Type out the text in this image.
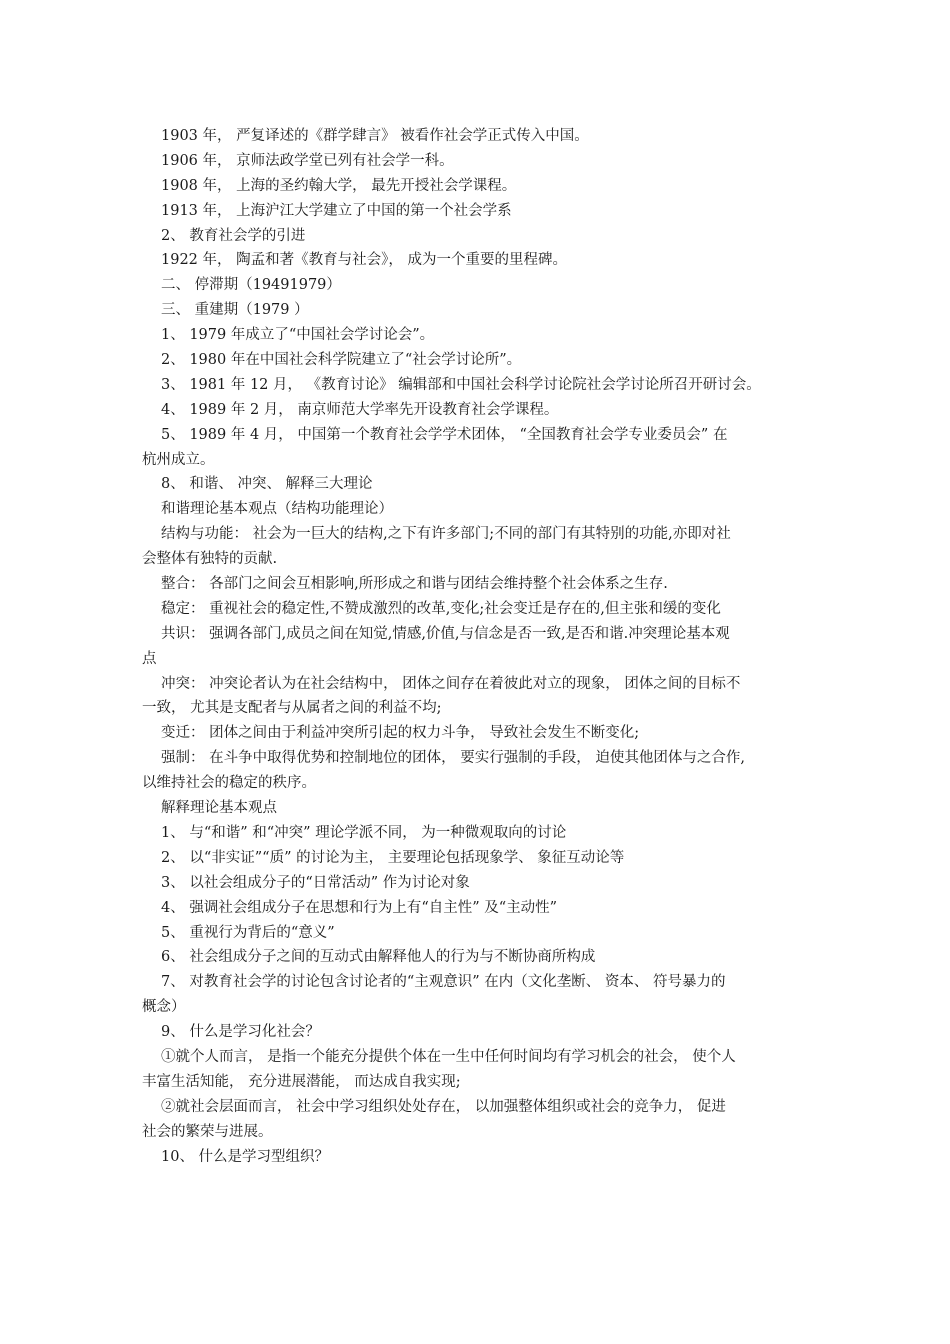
1903 年， 严复译述的《群学肆言》 被看作社会学正式传入中国。
1906 年， 京师法政学堂已列有社会学一科。
1908 年， 上海的圣约翰大学， 最先开授社会学课程。
1913 年， 上海沪江大学建立了中国的第一个社会学系
2、 教育社会学的引进
1922 年， 陶孟和著《教育与社会》， 成为一个重要的里程碑。
二、 停滞期（19491979）
三、 重建期（1979 ）
1、 1979 年成立了“中国社会学讨论会”。
2、 1980 年在中国社会科学院建立了“社会学讨论所”。
3、 1981 年 12 月， 《教育讨论》 编辑部和中国社会科学讨论院社会学讨论所召开研讨会。
4、 1989 年 2 月， 南京师范大学率先开设教育社会学课程。
5、 1989 年 4 月， 中国第一个教育社会学学术团体， “全国教育社会学专业委员会” 在
杭州成立。
8、 和谐、 冲突、 解释三大理论
和谐理论基本观点（结构功能理论）
结构与功能： 社会为一巨大的结构,之下有许多部门;不同的部门有其特别的功能,亦即对社
会整体有独特的贡献.
整合： 各部门之间会互相影响,所形成之和谐与团结会维持整个社会体系之生存.
稳定： 重视社会的稳定性,不赞成激烈的改革,变化;社会变迁是存在的,但主张和缓的变化
共识： 强调各部门,成员之间在知觉,情感,价值,与信念是否一致,是否和谐.冲突理论基本观
点
冲突： 冲突论者认为在社会结构中， 团体之间存在着彼此对立的现象， 团体之间的目标不
一致， 尤其是支配者与从属者之间的利益不均;
变迁： 团体之间由于利益冲突所引起的权力斗争， 导致社会发生不断变化;
强制： 在斗争中取得优势和控制地位的团体， 要实行强制的手段， 迫使其他团体与之合作,
以维持社会的稳定的秩序。
解释理论基本观点
1、 与“和谐” 和“冲突” 理论学派不同， 为一种微观取向的讨论
2、 以“非实证”“质” 的讨论为主， 主要理论包括现象学、 象征互动论等
3、 以社会组成分子的“日常活动” 作为讨论对象
4、 强调社会组成分子在思想和行为上有“自主性” 及“主动性”
5、 重视行为背后的“意义”
6、 社会组成分子之间的互动式由解释他人的行为与不断协商所构成
7、 对教育社会学的讨论包含讨论者的“主观意识” 在内（文化垄断、 资本、 符号暴力的
概念）
9、 什么是学习化社会？
①就个人而言， 是指一个能充分提供个体在一生中任何时间均有学习机会的社会， 使个人
丰富生活知能， 充分进展潜能， 而达成自我实现;
②就社会层面而言， 社会中学习组织处处存在， 以加强整体组织或社会的竞争力， 促进
社会的繁荣与进展。
10、 什么是学习型组织？
